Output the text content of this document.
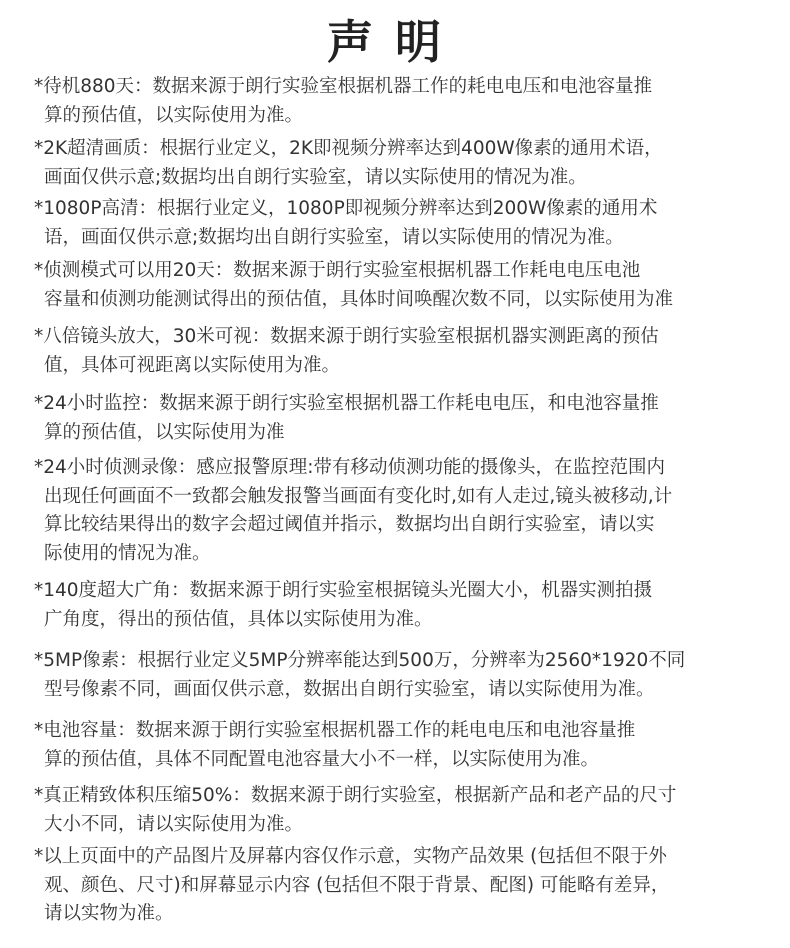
声明
*待机880天：数据来源于朗行实验室根据机器工作的耗电电压和电池容量推
算的预估值，以实际使用为准。
*2K超清画质：根据行业定义，2K即视频分辨率达到400W像素的通用术语，
画面仅供示意;数据均出自朗行实验室，请以实际使用的情况为准。
*1080P高清：根据行业定义，1080P即视频分辨率达到200W像素的通用术
语，画面仅供示意;数据均出自朗行实验室，请以实际使用的情况为准。
*侦测模式可以用20天：数据来源于朗行实验室根据机器工作耗电电压电池
容量和侦测功能测试得出的预估值，具体时间唤醒次数不同，以实际使用为准
*八倍镜头放大，30米可视：数据来源于朗行实验室根据机器实测距离的预估
值，具体可视距离以实际使用为准。
*24小时监控：数据来源于朗行实验室根据机器工作耗电电压，和电池容量推
算的预估值，以实际使用为准
*24小时侦测录像：感应报警原理:带有移动侦测功能的摄像头，在监控范围内
出现任何画面不一致都会触发报警当画面有变化时,如有人走过,镜头被移动,计
算比较结果得出的数字会超过阈值并指示，数据均出自朗行实验室，请以实
际使用的情况为准。
*140度超大广角：数据来源于朗行实验室根据镜头光圈大小，机器实测拍摄
广角度，得出的预估值，具体以实际使用为准。
*5MP像素：根据行业定义5MP分辨率能达到500万，分辨率为2560*1920不同
型号像素不同，画面仅供示意，数据出自朗行实验室，请以实际使用为准。
*电池容量：数据来源于朗行实验室根据机器工作的耗电电压和电池容量推
算的预估值，具体不同配置电池容量大小不一样，以实际使用为准。
*真正精致体积压缩50%：数据来源于朗行实验室，根据新产品和老产品的尺寸
大小不同，请以实际使用为准。
*以上页面中的产品图片及屏幕内容仅作示意，实物产品效果 (包括但不限于外
观、颜色、尺寸)和屏幕显示内容 (包括但不限于背景、配图) 可能略有差异，
请以实物为准。
